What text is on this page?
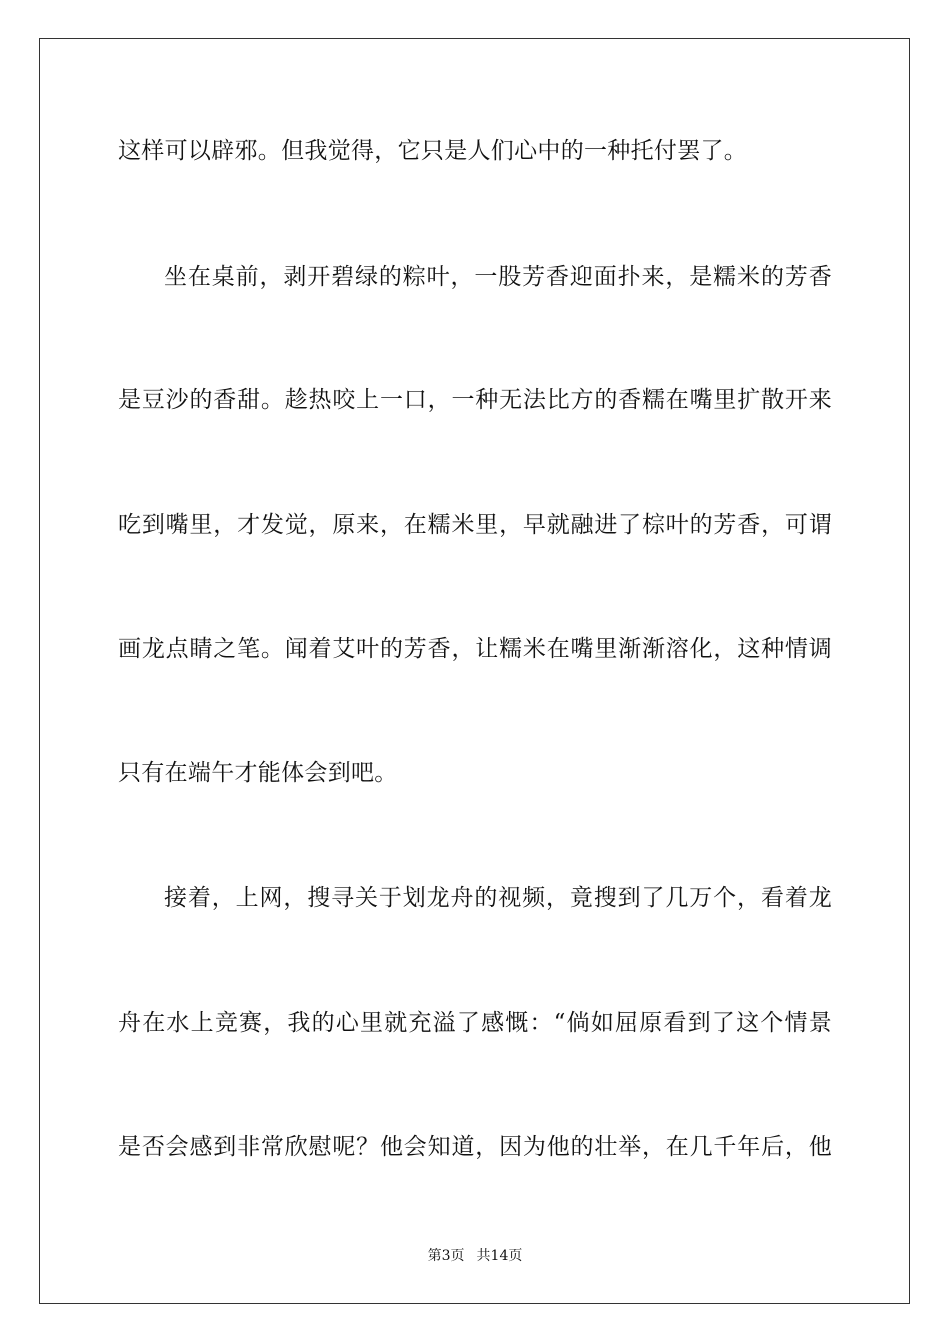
这样可以辟邪。但我觉得，它只是人们心中的一种托付罢了。
坐在桌前，剥开碧绿的粽叶，一股芳香迎面扑来，是糯米的芳香
是豆沙的香甜。趁热咬上一口，一种无法比方的香糯在嘴里扩散开来
吃到嘴里，才发觉，原来，在糯米里，早就融进了棕叶的芳香，可谓
画龙点睛之笔。闻着艾叶的芳香，让糯米在嘴里渐渐溶化，这种情调
只有在端午才能体会到吧。
接着，上网，搜寻关于划龙舟的视频，竟搜到了几万个，看着龙
舟在水上竞赛，我的心里就充溢了感慨：“倘如屈原看到了这个情景
是否会感到非常欣慰呢？他会知道，因为他的壮举，在几千年后，他
第3页 共14页
